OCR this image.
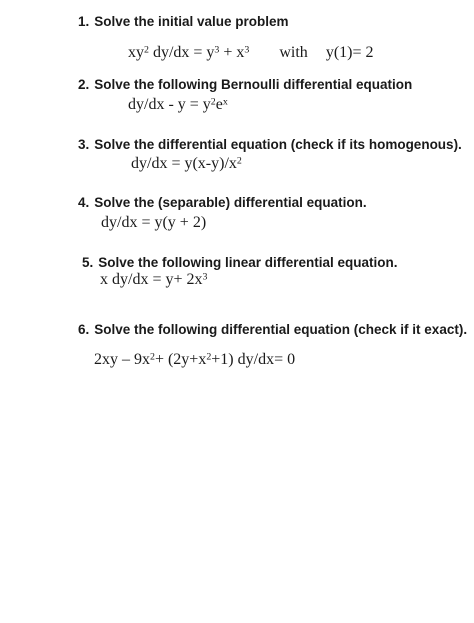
1. Solve the initial value problem
$xy^2$ $dy/dx = y^3 + x^3$ with y(1)= 2
2. Solve the following Bernoulli differential equation
$dy/dx - y = y^2e^x$
3. Solve the differential equation (check if its homogenous).
$dy/dx = y(x-y)/x^2$
4. Solve the (separable) differential equation.
dy/dx = y(y + 2)
5. Solve the following linear differential equation.
x $dy/dx = y+ 2x^3$
6. Solve the following differential equation (check if it exact).
$2xy - 9x^2+ (2y+x^2+1)$ dy/dx= 0
